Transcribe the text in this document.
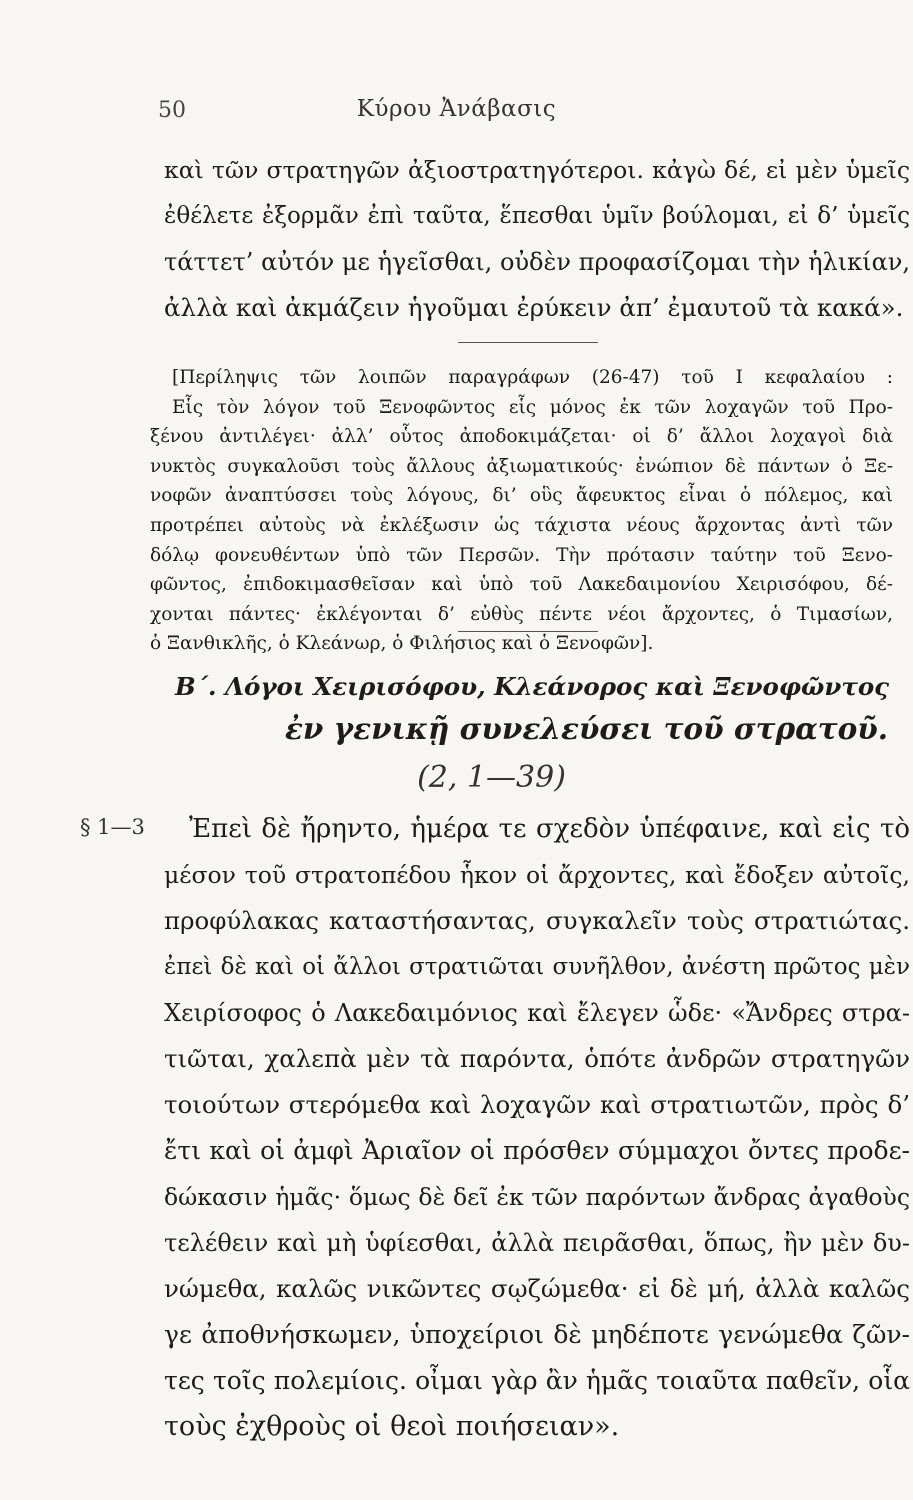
50	Κύρου Ἀνάβασις
καὶ τῶν στρατηγῶν ἀξιοστρατηγότεροι. κἀγὼ δέ, εἰ μὲν ὑμεῖς
ἐθέλετε ἐξορμᾶν ἐπὶ ταῦτα, ἕπεσθαι ὑμῖν βούλομαι, εἰ δ’ ὑμεῖς
τάττετ’ αὐτόν με ἡγεῖσθαι, οὐδὲν προφασίζομαι τὴν ἡλικίαν,
ἀλλὰ καὶ ἀκμάζειν ἡγοῦμαι ἐρύκειν ἀπ’ ἐμαυτοῦ τὰ κακά».
[Περίληψις τῶν λοιπῶν παραγράφων (26-47) τοῦ Ι κεφαλαίου :
Εἷς τὸν λόγον τοῦ Ξενοφῶντος εἷς μόνος ἐκ τῶν λοχαγῶν τοῦ Προ-
ξένου ἀντιλέγει· ἀλλ’ οὗτος ἀποδοκιμάζεται· οἱ δ’ ἄλλοι λοχαγοὶ διὰ
νυκτὸς συγκαλοῦσι τοὺς ἄλλους ἀξιωματικούς· ἐνώπιον δὲ πάντων ὁ Ξε-
νοφῶν ἀναπτύσσει τοὺς λόγους, δι’ οὓς ἄφευκτος εἶναι ὁ πόλεμος, καὶ
προτρέπει αὐτοὺς νὰ ἐκλέξωσιν ὡς τάχιστα νέους ἄρχοντας ἀντὶ τῶν
δόλῳ φονευθέντων ὑπὸ τῶν Περσῶν. Τὴν πρότασιν ταύτην τοῦ Ξενο-
φῶντος, ἐπιδοκιμασθεῖσαν καὶ ὑπὸ τοῦ Λακεδαιμονίου Χειρισόφου, δέ-
χονται πάντες· ἐκλέγονται δ’ εὐθὺς πέντε νέοι ἄρχοντες, ὁ Τιμασίων,
ὁ Ξανθικλῆς, ὁ Κλεάνωρ, ὁ Φιλήσιος καὶ ὁ Ξενοφῶν].
Β΄. Λόγοι Χειρισόφου, Κλεάνορος καὶ Ξενοφῶντος
ἐν γενικῇ συνελεύσει τοῦ στρατοῦ.
(2, 1—39)
§ 1—3	Ἐπεὶ δὲ ἤρηντο, ἡμέρα τε σχεδὸν ὑπέφαινε, καὶ εἰς τὸ
μέσον τοῦ στρατοπέδου ἧκον οἱ ἄρχοντες, καὶ ἔδοξεν αὐτοῖς,
προφύλακας καταστήσαντας, συγκαλεῖν τοὺς στρατιώτας.
ἐπεὶ δὲ καὶ οἱ ἄλλοι στρατιῶται συνῆλθον, ἀνέστη πρῶτος μὲν
Χειρίσοφος ὁ Λακεδαιμόνιος καὶ ἔλεγεν ὧδε· «Ἄνδρες στρα-
τιῶται, χαλεπὰ μὲν τὰ παρόντα, ὁπότε ἀνδρῶν στρατηγῶν
τοιούτων στερόμεθα καὶ λοχαγῶν καὶ στρατιωτῶν, πρὸς δ’
ἔτι καὶ οἱ ἀμφὶ Ἀριαῖον οἱ πρόσθεν σύμμαχοι ὄντες προδε-
δώκασιν ἡμᾶς· ὅμως δὲ δεῖ ἐκ τῶν παρόντων ἄνδρας ἀγαθοὺς
τελέθειν καὶ μὴ ὑφίεσθαι, ἀλλὰ πειρᾶσθαι, ὅπως, ἢν μὲν δυ-
νώμεθα, καλῶς νικῶντες σῳζώμεθα· εἰ δὲ μή, ἀλλὰ καλῶς
γε ἀποθνήσκωμεν, ὑποχείριοι δὲ μηδέποτε γενώμεθα ζῶν-
τες τοῖς πολεμίοις. οἶμαι γὰρ ἂν ἡμᾶς τοιαῦτα παθεῖν, οἷα
τοὺς ἐχθροὺς οἱ θεοὶ ποιήσειαν».
